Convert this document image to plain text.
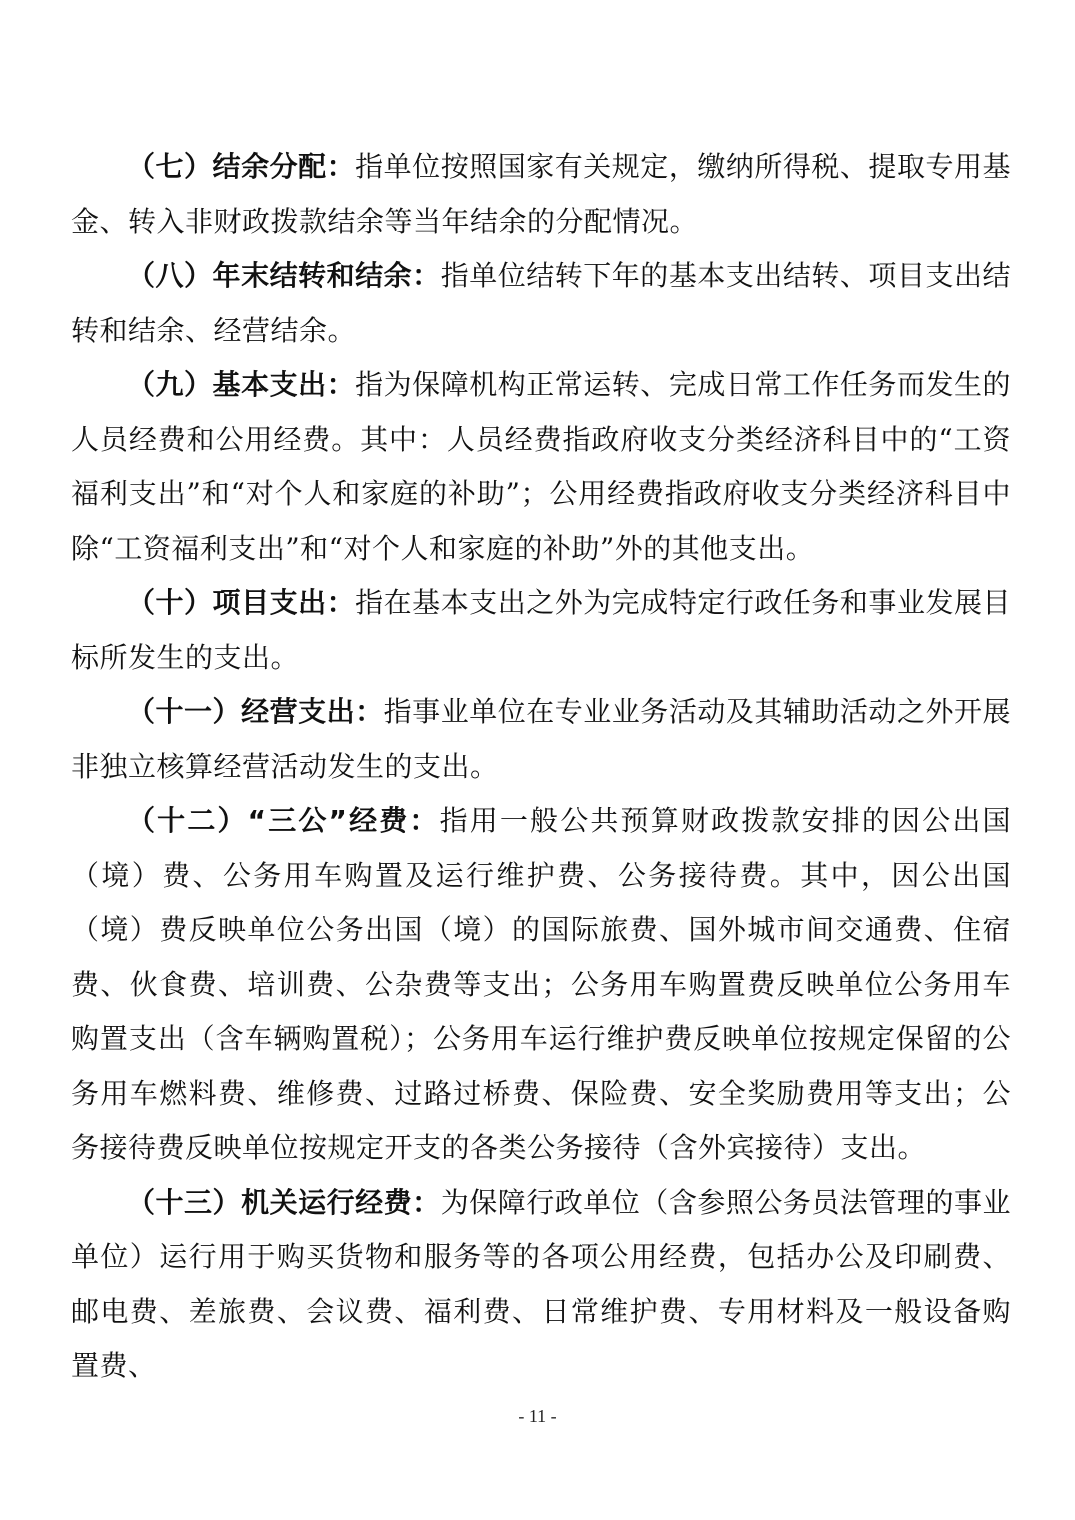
（七）结余分配：指单位按照国家有关规定，缴纳所得税、提取专用基金、转入非财政拨款结余等当年结余的分配情况。

（八）年末结转和结余：指单位结转下年的基本支出结转、项目支出结转和结余、经营结余。

（九）基本支出：指为保障机构正常运转、完成日常工作任务而发生的人员经费和公用经费。其中：人员经费指政府收支分类经济科目中的“工资福利支出”和“对个人和家庭的补助”；公用经费指政府收支分类经济科目中除“工资福利支出”和“对个人和家庭的补助”外的其他支出。

（十）项目支出：指在基本支出之外为完成特定行政任务和事业发展目标所发生的支出。

（十一）经营支出：指事业单位在专业业务活动及其辅助活动之外开展非独立核算经营活动发生的支出。

（十二）“三公”经费：指用一般公共预算财政拨款安排的因公出国（境）费、公务用车购置及运行维护费、公务接待费。其中，因公出国（境）费反映单位公务出国（境）的国际旅费、国外城市间交通费、住宿费、伙食费、培训费、公杂费等支出；公务用车购置费反映单位公务用车购置支出（含车辆购置税）；公务用车运行维护费反映单位按规定保留的公务用车燃料费、维修费、过路过桥费、保险费、安全奖励费用等支出；公务接待费反映单位按规定开支的各类公务接待（含外宾接待）支出。

（十三）机关运行经费：为保障行政单位（含参照公务员法管理的事业单位）运行用于购买货物和服务等的各项公用经费，包括办公及印刷费、邮电费、差旅费、会议费、福利费、日常维护费、专用材料及一般设备购置费、

- 11 -
